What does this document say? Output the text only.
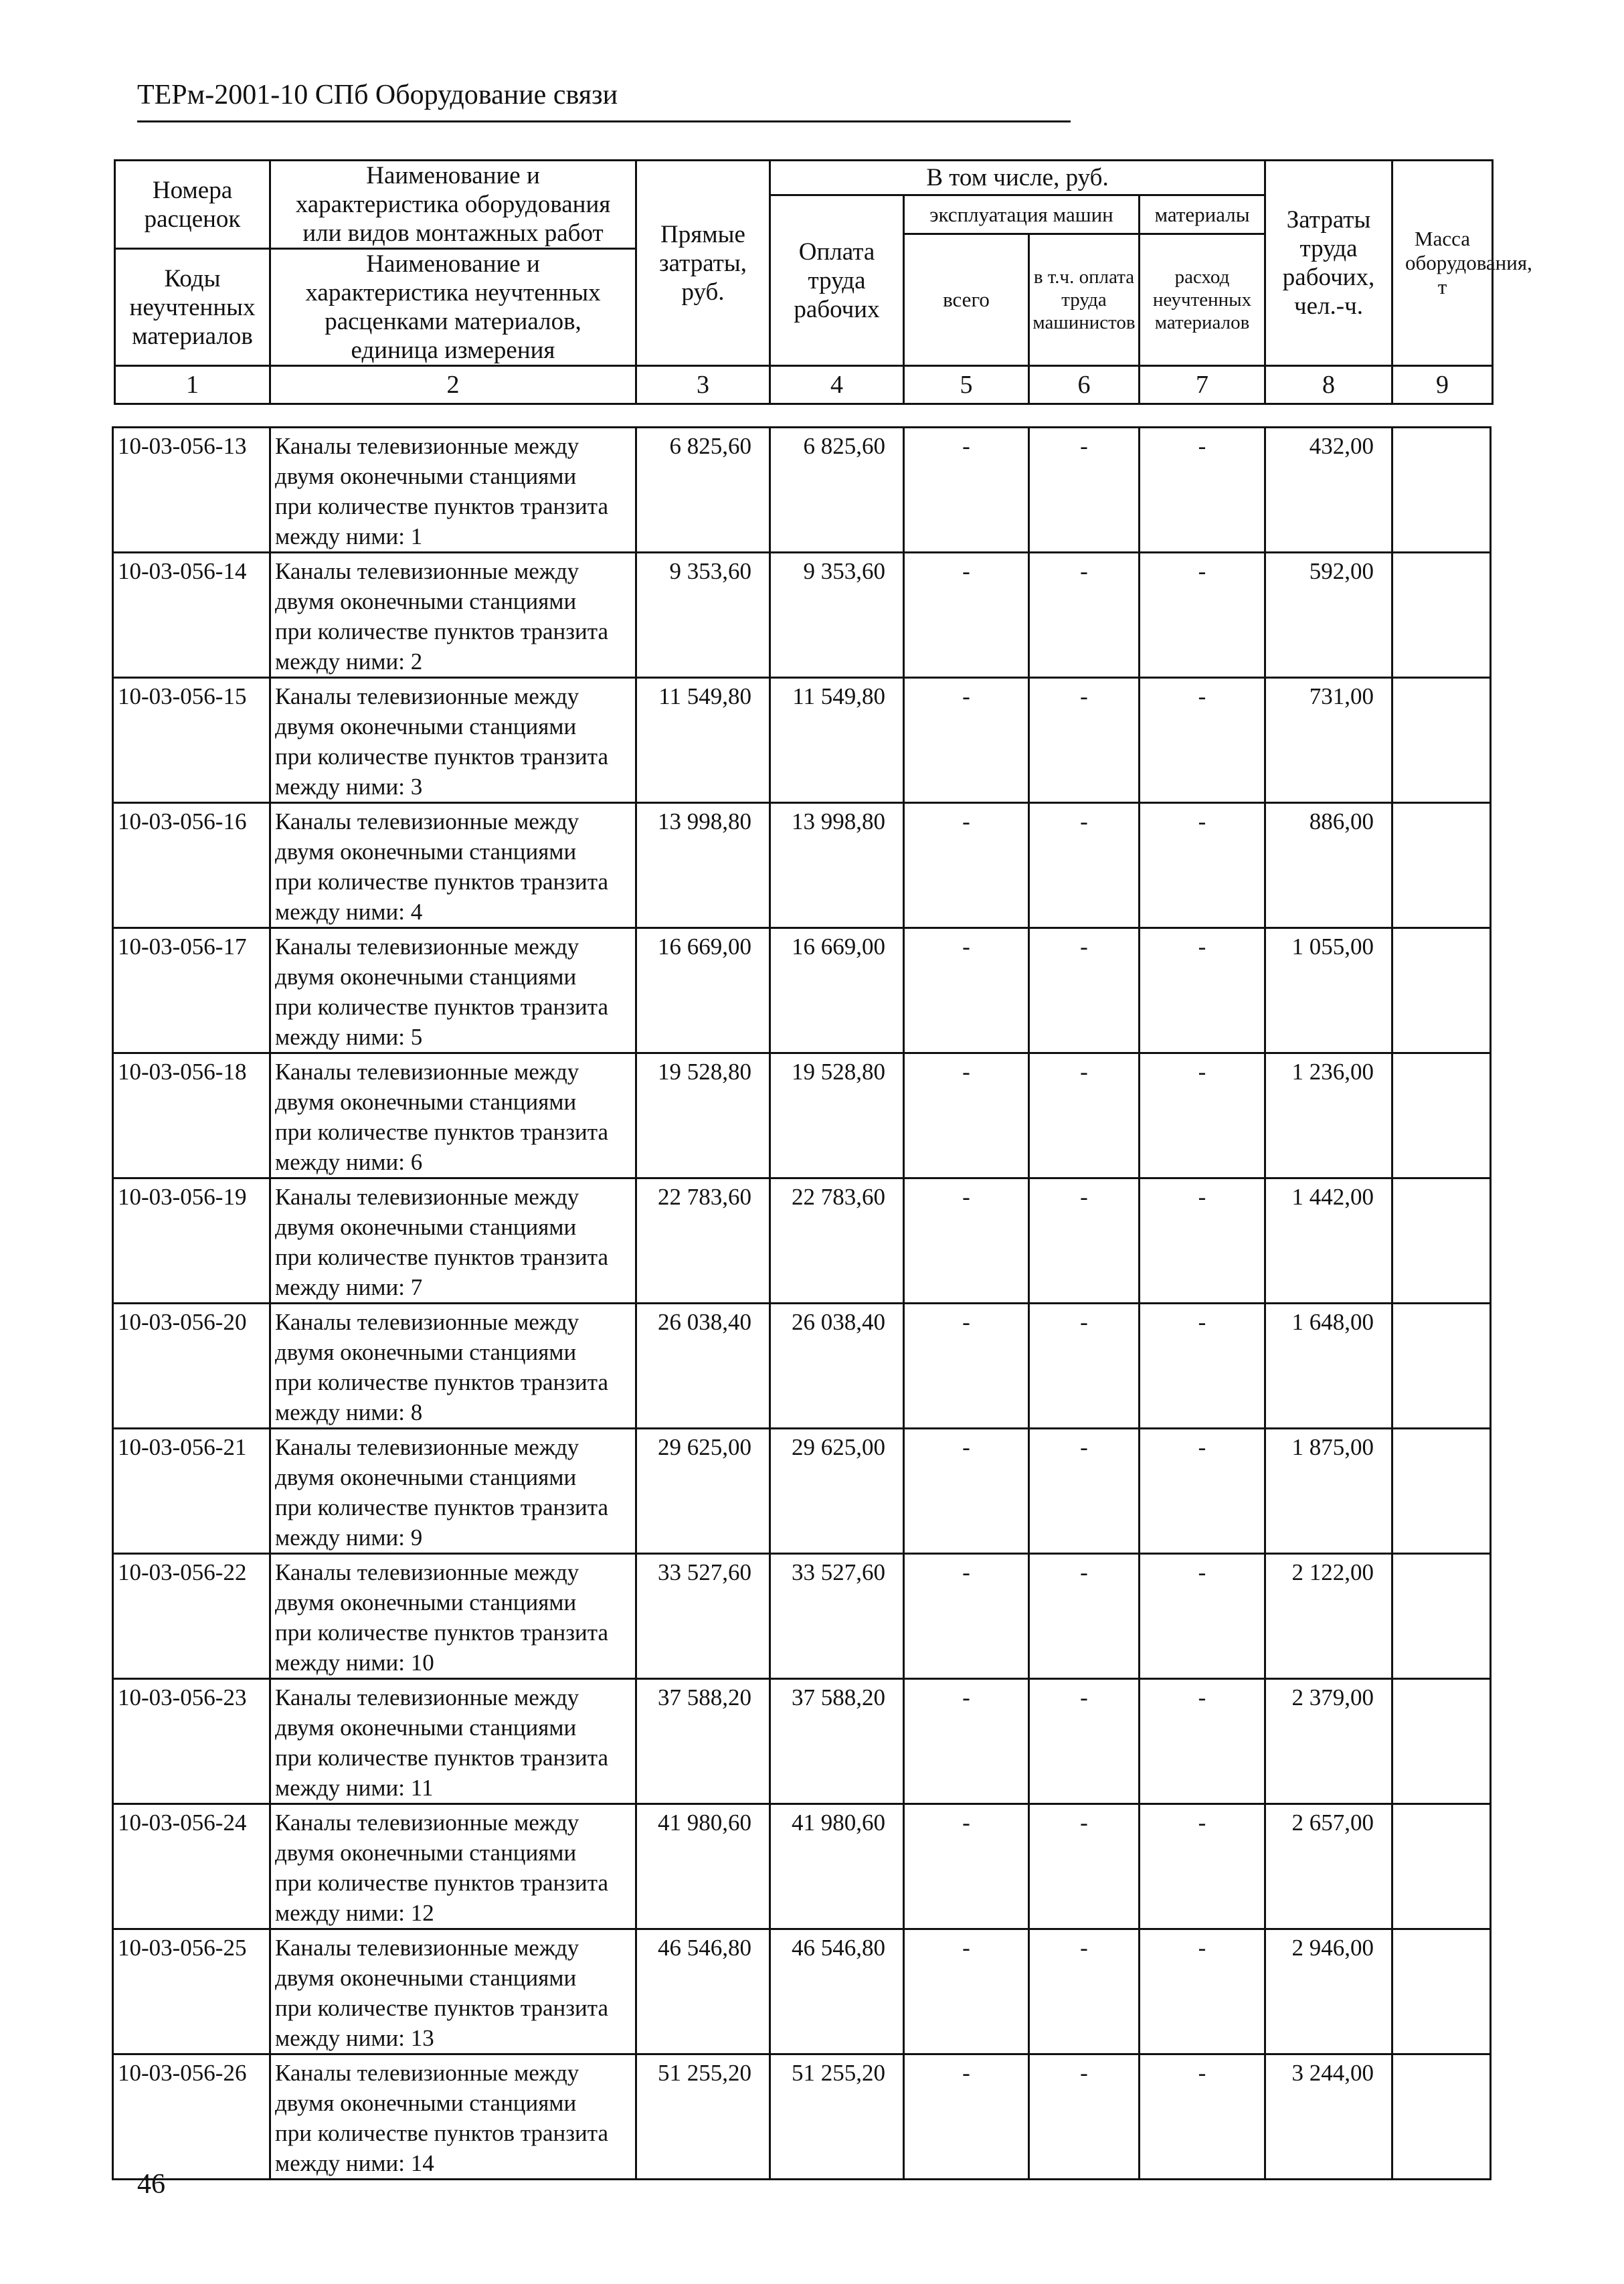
ТЕРм-2001-10 СПб Оборудование связи
Номера расценок	Наименование и характеристика оборудования или видов монтажных работ	Прямые затраты, руб.	В том числе, руб.				Затраты труда рабочих, чел.-ч.	Масса оборудования, т
			Оплата труда рабочих	эксплуатация машин		материалы		
				всего	в т.ч. оплата труда машинистов	расход неучтенных материалов		
Коды неучтенных материалов	Наименование и характеристика неучтенных расценками материалов, единица измерения							

1	2	3	4	5	6	7	8	9
10-03-056-13	Каналы телевизионные между
двумя оконечными станциями
при количестве пунктов транзита
между ними: 1	6 825,60	6 825,60	-	-	-	432,00	
10-03-056-14	Каналы телевизионные между
двумя оконечными станциями
при количестве пунктов транзита
между ними: 2	9 353,60	9 353,60	-	-	-	592,00	
10-03-056-15	Каналы телевизионные между
двумя оконечными станциями
при количестве пунктов транзита
между ними: 3	11 549,80	11 549,80	-	-	-	731,00	
10-03-056-16	Каналы телевизионные между
двумя оконечными станциями
при количестве пунктов транзита
между ними: 4	13 998,80	13 998,80	-	-	-	886,00	
10-03-056-17	Каналы телевизионные между
двумя оконечными станциями
при количестве пунктов транзита
между ними: 5	16 669,00	16 669,00	-	-	-	1 055,00	
10-03-056-18	Каналы телевизионные между
двумя оконечными станциями
при количестве пунктов транзита
между ними: 6	19 528,80	19 528,80	-	-	-	1 236,00	
10-03-056-19	Каналы телевизионные между
двумя оконечными станциями
при количестве пунктов транзита
между ними: 7	22 783,60	22 783,60	-	-	-	1 442,00	
10-03-056-20	Каналы телевизионные между
двумя оконечными станциями
при количестве пунктов транзита
между ними: 8	26 038,40	26 038,40	-	-	-	1 648,00	
10-03-056-21	Каналы телевизионные между
двумя оконечными станциями
при количестве пунктов транзита
между ними: 9	29 625,00	29 625,00	-	-	-	1 875,00	
10-03-056-22	Каналы телевизионные между
двумя оконечными станциями
при количестве пунктов транзита
между ними: 10	33 527,60	33 527,60	-	-	-	2 122,00	
10-03-056-23	Каналы телевизионные между
двумя оконечными станциями
при количестве пунктов транзита
между ними: 11	37 588,20	37 588,20	-	-	-	2 379,00	
10-03-056-24	Каналы телевизионные между
двумя оконечными станциями
при количестве пунктов транзита
между ними: 12	41 980,60	41 980,60	-	-	-	2 657,00	
10-03-056-25	Каналы телевизионные между
двумя оконечными станциями
при количестве пунктов транзита
между ними: 13	46 546,80	46 546,80	-	-	-	2 946,00	
10-03-056-26	Каналы телевизионные между
двумя оконечными станциями
при количестве пунктов транзита
между ними: 14	51 255,20	51 255,20	-	-	-	3 244,00	
46
